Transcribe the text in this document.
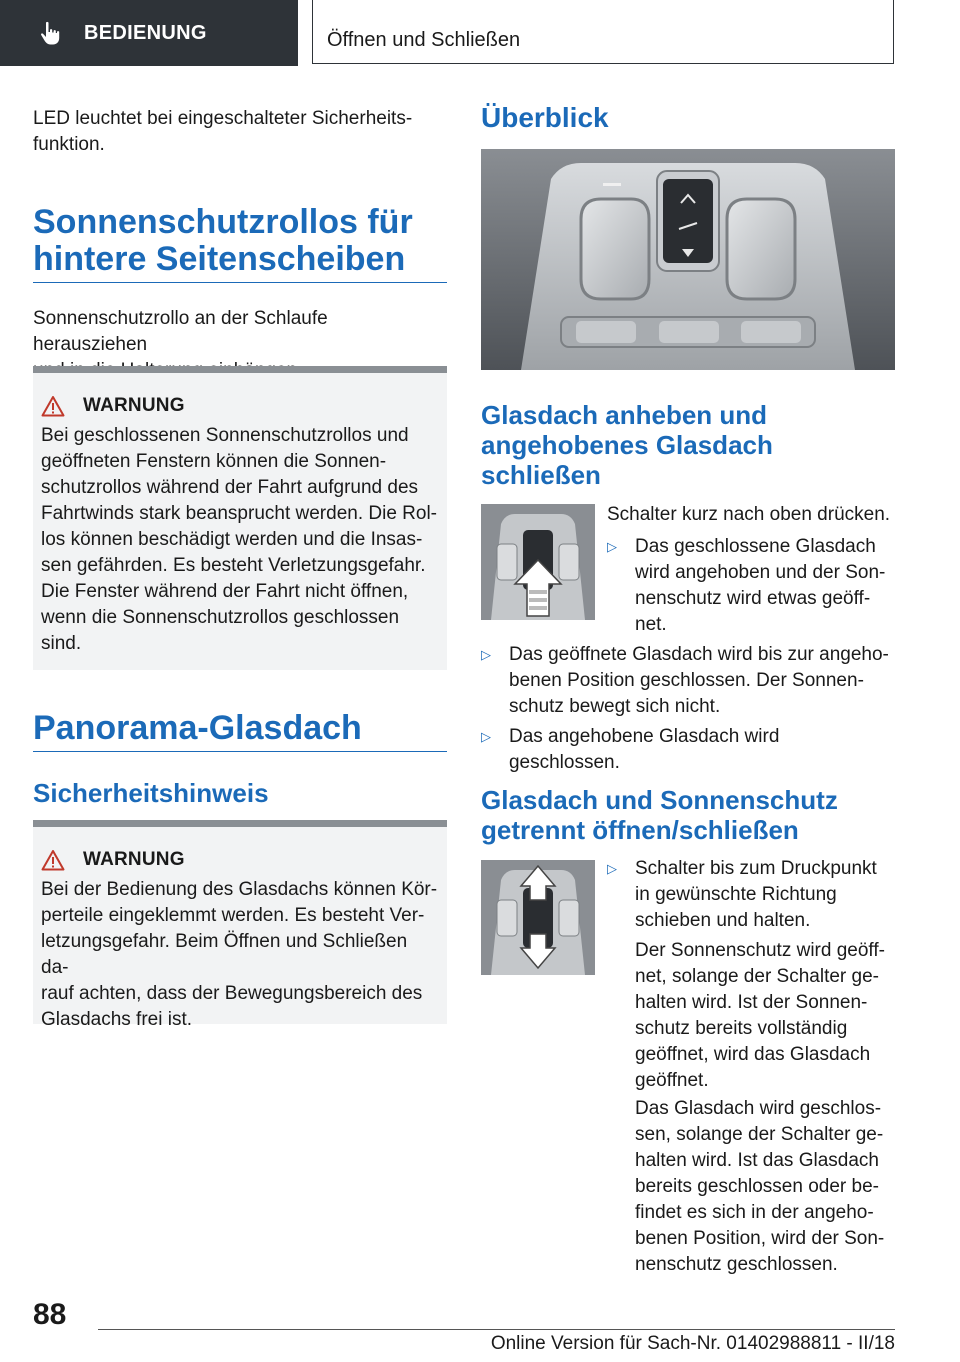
BEDIENUNG	Öffnen und Schließen

LED leuchtet bei eingeschalteter Sicherheits‐
funktion.

Sonnenschutzrollos für
hintere Seitenscheiben

Sonnenschutzrollo an der Schlaufe herausziehen

WARNUNG

Bei geschlossenen Sonnenschutzrollos und
geöffneten Fenstern können die Sonnen‐
schutzrollos während der Fahrt aufgrund des
Fahrtwinds stark beansprucht werden. Die Rol‐
los können beschädigt werden und die Insas‐
sen gefährden. Es besteht Verletzungsgefahr.
Die Fenster während der Fahrt nicht öffnen,
wenn die Sonnenschutzrollos geschlossen
sind.

Panorama-Glasdach
Sicherheitshinweis
WARNUNG

Bei der Bedienung des Glasdachs können Kör‐
perteile eingeklemmt werden. Es besteht Ver‐
letzungsgefahr. Beim Öffnen und Schließen da‐
rauf achten, dass der Bewegungsbereich des
Glasdachs frei ist.

Überblick
Glasdach anheben und
angehobenes Glasdach
schließen

Schalter kurz nach oben drücken.

▷ Das geschlossene Glasdach
wird angehoben und der Son‐
nenschutz wird etwas geöff‐
net.

▷ Das geöffnete Glasdach wird bis zur angeho‐
benen Position geschlossen. Der Sonnen‐
schutz bewegt sich nicht.

▷ Das angehobene Glasdach wird geschlossen.

Glasdach und Sonnenschutz
getrennt öffnen/schließen
▷ Schalter bis zum Druckpunkt
in gewünschte Richtung
schieben und halten.

Der Sonnenschutz wird geöff‐
net, solange der Schalter ge‐
halten wird. Ist der Sonnen‐
schutz bereits vollständig
geöffnet, wird das Glasdach
geöffnet.

Das Glasdach wird geschlos‐
sen, solange der Schalter ge‐
halten wird. Ist das Glasdach
bereits geschlossen oder be‐
findet es sich in der angeho‐
benen Position, wird der Son‐
nenschutz geschlossen.

88
Online Version für Sach-Nr. 01402988811 - II/18
